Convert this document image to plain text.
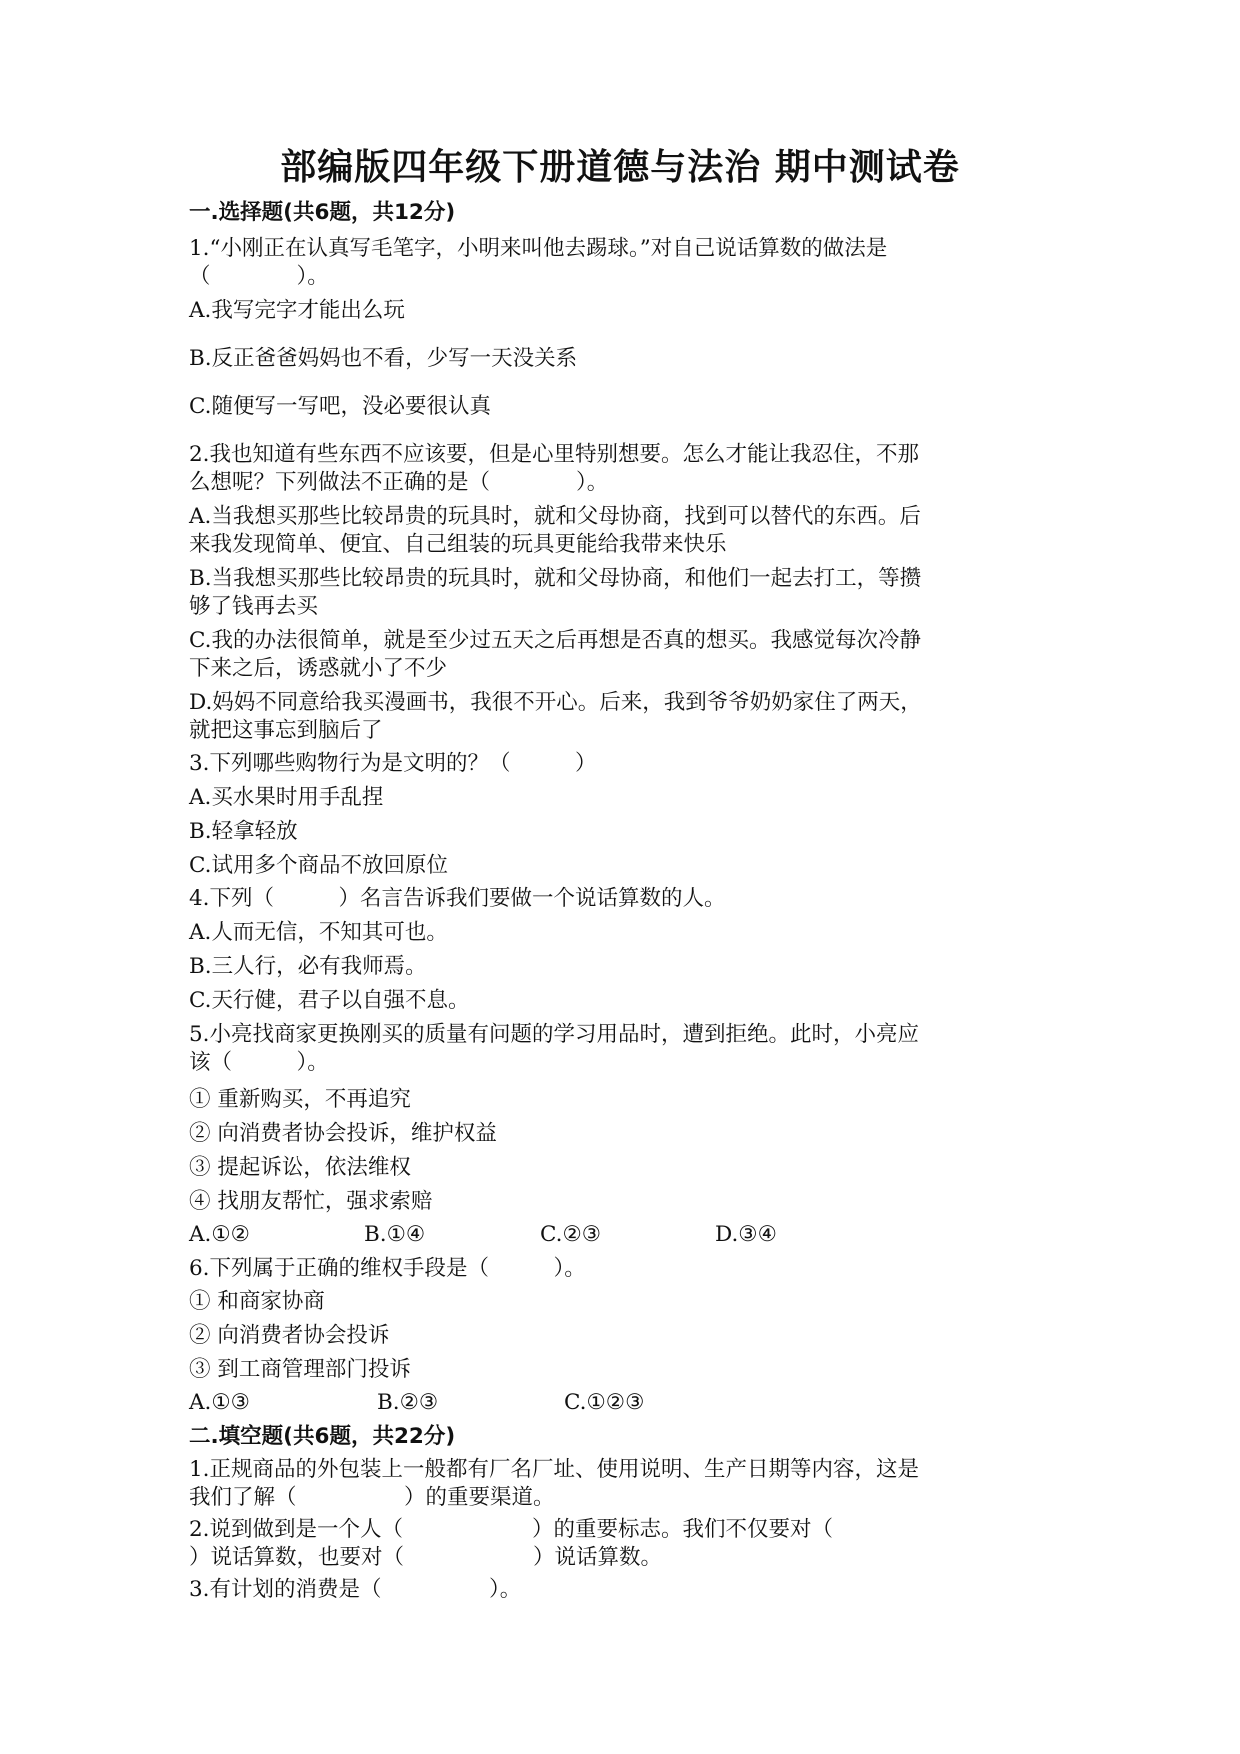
部编版四年级下册道德与法治 期中测试卷
一.选择题(共6题，共12分)
1.“小刚正在认真写毛笔字，小明来叫他去踢球。”对自己说话算数的做法是
（　　　　）。
A.我写完字才能出么玩
B.反正爸爸妈妈也不看，少写一天没关系
C.随便写一写吧，没必要很认真
2.我也知道有些东西不应该要，但是心里特别想要。怎么才能让我忍住，不那
么想呢？下列做法不正确的是（　　　　）。
A.当我想买那些比较昂贵的玩具时，就和父母协商，找到可以替代的东西。后
来我发现简单、便宜、自己组装的玩具更能给我带来快乐
B.当我想买那些比较昂贵的玩具时，就和父母协商，和他们一起去打工，等攒
够了钱再去买
C.我的办法很简单，就是至少过五天之后再想是否真的想买。我感觉每次冷静
下来之后，诱惑就小了不少
D.妈妈不同意给我买漫画书，我很不开心。后来，我到爷爷奶奶家住了两天，
就把这事忘到脑后了
3.下列哪些购物行为是文明的？（　　　）
A.买水果时用手乱捏
B.轻拿轻放
C.试用多个商品不放回原位
4.下列（　　　）名言告诉我们要做一个说话算数的人。
A.人而无信，不知其可也。
B.三人行，必有我师焉。
C.天行健，君子以自强不息。
5.小亮找商家更换刚买的质量有问题的学习用品时，遭到拒绝。此时，小亮应
该（　　　）。
① 重新购买，不再追究
② 向消费者协会投诉，维护权益
③ 提起诉讼，依法维权
④ 找朋友帮忙，强求索赔
A.①②	B.①④	C.②③	D.③④
6.下列属于正确的维权手段是（　　　）。
① 和商家协商
② 向消费者协会投诉
③ 到工商管理部门投诉
A.①③	B.②③	C.①②③
二.填空题(共6题，共22分)
1.正规商品的外包装上一般都有厂名厂址、使用说明、生产日期等内容，这是
我们了解（　　　　　）的重要渠道。
2.说到做到是一个人（　　　　　　）的重要标志。我们不仅要对（
）说话算数，也要对（　　　　　　）说话算数。
3.有计划的消费是（　　　　　）。
